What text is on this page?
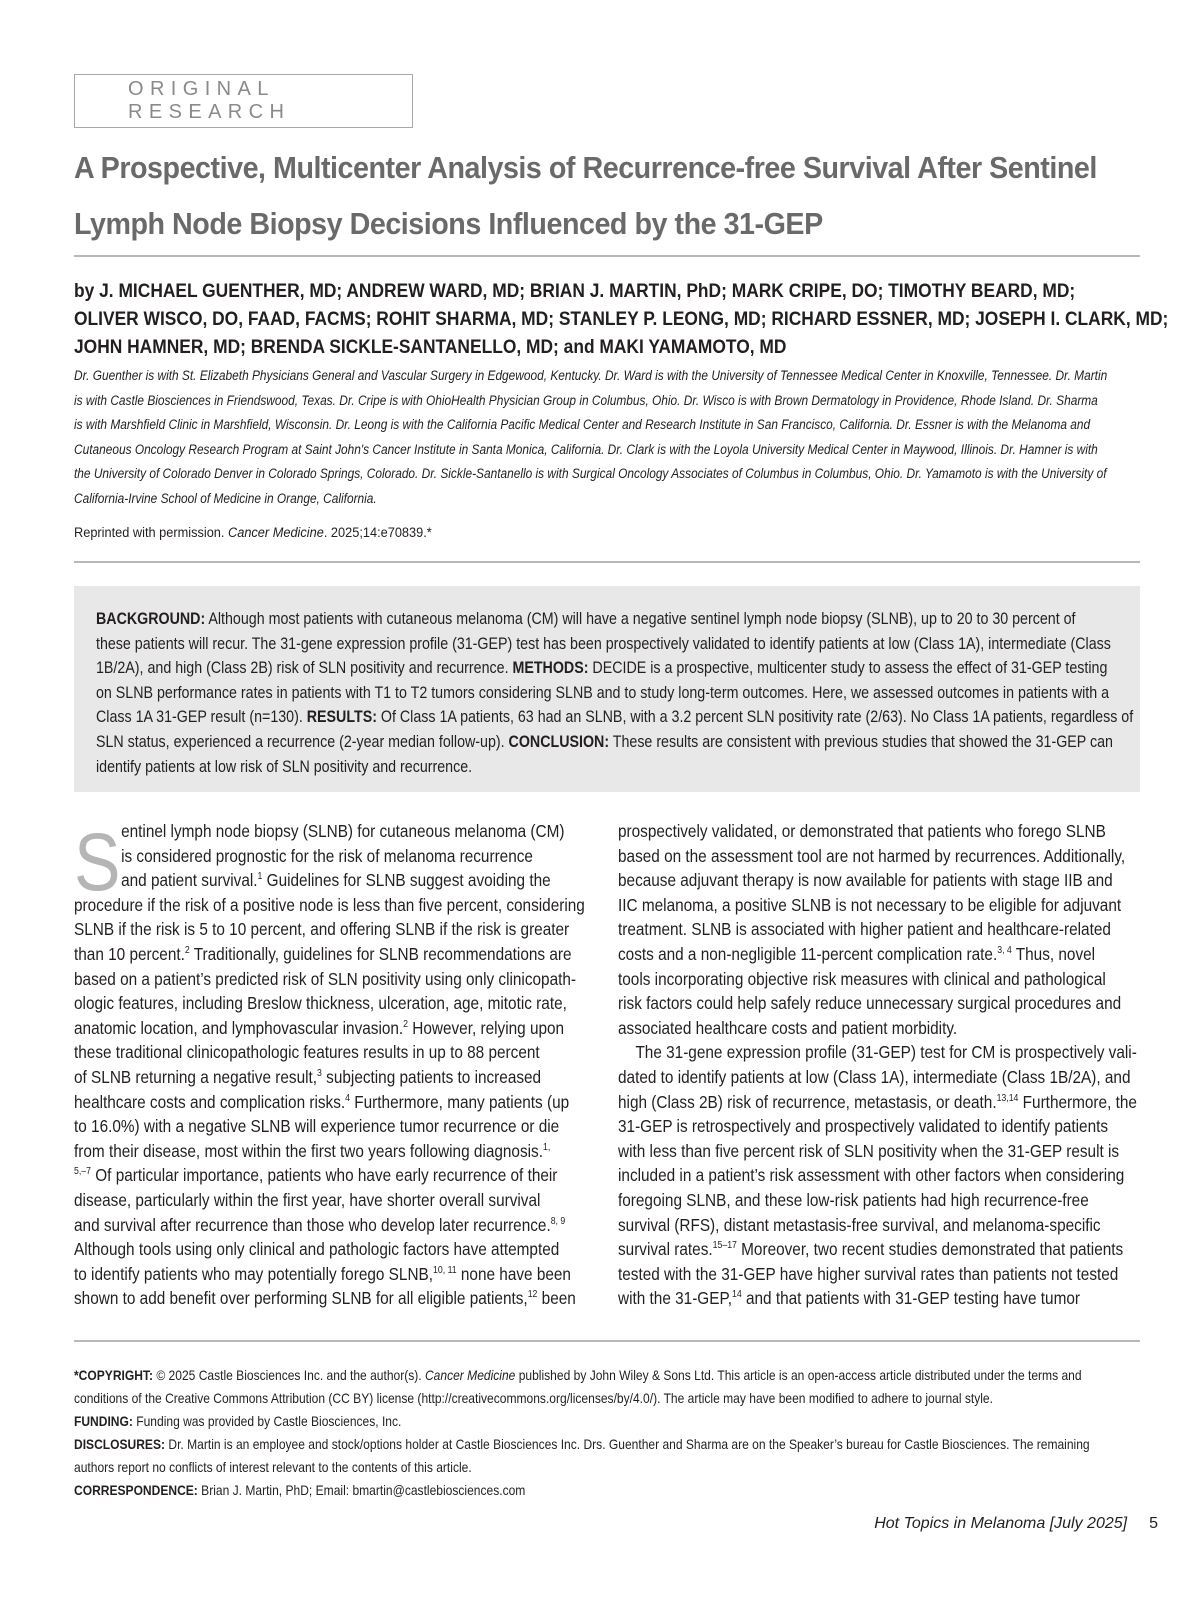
ORIGINAL RESEARCH
A Prospective, Multicenter Analysis of Recurrence-free Survival After Sentinel
Lymph Node Biopsy Decisions Influenced by the 31-GEP
by J. MICHAEL GUENTHER, MD; ANDREW WARD, MD; BRIAN J. MARTIN, PhD; MARK CRIPE, DO; TIMOTHY BEARD, MD;
OLIVER WISCO, DO, FAAD, FACMS; ROHIT SHARMA, MD; STANLEY P. LEONG, MD; RICHARD ESSNER, MD; JOSEPH I. CLARK, MD;
JOHN HAMNER, MD; BRENDA SICKLE-SANTANELLO, MD; and MAKI YAMAMOTO, MD
Dr. Guenther is with St. Elizabeth Physicians General and Vascular Surgery in Edgewood, Kentucky. Dr. Ward is with the University of Tennessee Medical Center in Knoxville, Tennessee. Dr. Martin
is with Castle Biosciences in Friendswood, Texas. Dr. Cripe is with OhioHealth Physician Group in Columbus, Ohio. Dr. Wisco is with Brown Dermatology in Providence, Rhode Island. Dr. Sharma
is with Marshfield Clinic in Marshfield, Wisconsin. Dr. Leong is with the California Pacific Medical Center and Research Institute in San Francisco, California. Dr. Essner is with the Melanoma and
Cutaneous Oncology Research Program at Saint John's Cancer Institute in Santa Monica, California. Dr. Clark is with the Loyola University Medical Center in Maywood, Illinois. Dr. Hamner is with
the University of Colorado Denver in Colorado Springs, Colorado. Dr. Sickle-Santanello is with Surgical Oncology Associates of Columbus in Columbus, Ohio. Dr. Yamamoto is with the University of
California-Irvine School of Medicine in Orange, California.
Reprinted with permission. Cancer Medicine. 2025;14:e70839.*
BACKGROUND: Although most patients with cutaneous melanoma (CM) will have a negative sentinel lymph node biopsy (SLNB), up to 20 to 30 percent of
these patients will recur. The 31-gene expression profile (31-GEP) test has been prospectively validated to identify patients at low (Class 1A), intermediate (Class
1B/2A), and high (Class 2B) risk of SLN positivity and recurrence. METHODS: DECIDE is a prospective, multicenter study to assess the effect of 31-GEP testing
on SLNB performance rates in patients with T1 to T2 tumors considering SLNB and to study long-term outcomes. Here, we assessed outcomes in patients with a
Class 1A 31-GEP result (n=130). RESULTS: Of Class 1A patients, 63 had an SLNB, with a 3.2 percent SLN positivity rate (2/63). No Class 1A patients, regardless of
SLN status, experienced a recurrence (2-year median follow-up). CONCLUSION: These results are consistent with previous studies that showed the 31-GEP can
identify patients at low risk of SLN positivity and recurrence.
S entinel lymph node biopsy (SLNB) for cutaneous melanoma (CM)
is considered prognostic for the risk of melanoma recurrence
and patient survival.$^1$ Guidelines for SLNB suggest avoiding the
procedure if the risk of a positive node is less than five percent, considering
SLNB if the risk is 5 to 10 percent, and offering SLNB if the risk is greater
than 10 percent.$^2$ Traditionally, guidelines for SLNB recommendations are
based on a patient’s predicted risk of SLN positivity using only clinicopath-
ologic features, including Breslow thickness, ulceration, age, mitotic rate,
anatomic location, and lymphovascular invasion.$^2$ However, relying upon
these traditional clinicopathologic features results in up to 88 percent
of SLNB returning a negative result,$^3$ subjecting patients to increased
healthcare costs and complication risks.$^4$ Furthermore, many patients (up
to 16.0%) with a negative SLNB will experience tumor recurrence or die
from their disease, most within the first two years following diagnosis.$^{1,}$
$^{5,-7}$ Of particular importance, patients who have early recurrence of their
disease, particularly within the first year, have shorter overall survival
and survival after recurrence than those who develop later recurrence.$^{8, 9}$
Although tools using only clinical and pathologic factors have attempted
to identify patients who may potentially forego SLNB,$^{10, 11}$ none have been
shown to add benefit over performing SLNB for all eligible patients,$^{12}$ been
prospectively validated, or demonstrated that patients who forego SLNB
based on the assessment tool are not harmed by recurrences. Additionally,
because adjuvant therapy is now available for patients with stage IIB and
IIC melanoma, a positive SLNB is not necessary to be eligible for adjuvant
treatment. SLNB is associated with higher patient and healthcare-related
costs and a non-negligible 11-percent complication rate.$^{3, 4}$ Thus, novel
tools incorporating objective risk measures with clinical and pathological
risk factors could help safely reduce unnecessary surgical procedures and
associated healthcare costs and patient morbidity.
The 31-gene expression profile (31-GEP) test for CM is prospectively vali-
dated to identify patients at low (Class 1A), intermediate (Class 1B/2A), and
high (Class 2B) risk of recurrence, metastasis, or death.$^{13,14}$ Furthermore, the
31-GEP is retrospectively and prospectively validated to identify patients
with less than five percent risk of SLN positivity when the 31-GEP result is
included in a patient’s risk assessment with other factors when considering
foregoing SLNB, and these low-risk patients had high recurrence-free
survival (RFS), distant metastasis-free survival, and melanoma-specific
survival rates.$^{15-17}$ Moreover, two recent studies demonstrated that patients
tested with the 31-GEP have higher survival rates than patients not tested
with the 31-GEP,$^{14}$ and that patients with 31-GEP testing have tumor
*COPYRIGHT: © 2025 Castle Biosciences Inc. and the author(s). Cancer Medicine published by John Wiley & Sons Ltd. This article is an open-access article distributed under the terms and
conditions of the Creative Commons Attribution (CC BY) license (http://creativecommons.org/licenses/by/4.0/). The article may have been modified to adhere to journal style.
FUNDING: Funding was provided by Castle Biosciences, Inc.
DISCLOSURES: Dr. Martin is an employee and stock/options holder at Castle Biosciences Inc. Drs. Guenther and Sharma are on the Speaker’s bureau for Castle Biosciences. The remaining
authors report no conflicts of interest relevant to the contents of this article.
CORRESPONDENCE: Brian J. Martin, PhD; Email: bmartin@castlebiosciences.com
Hot Topics in Melanoma [July 2025] 5
